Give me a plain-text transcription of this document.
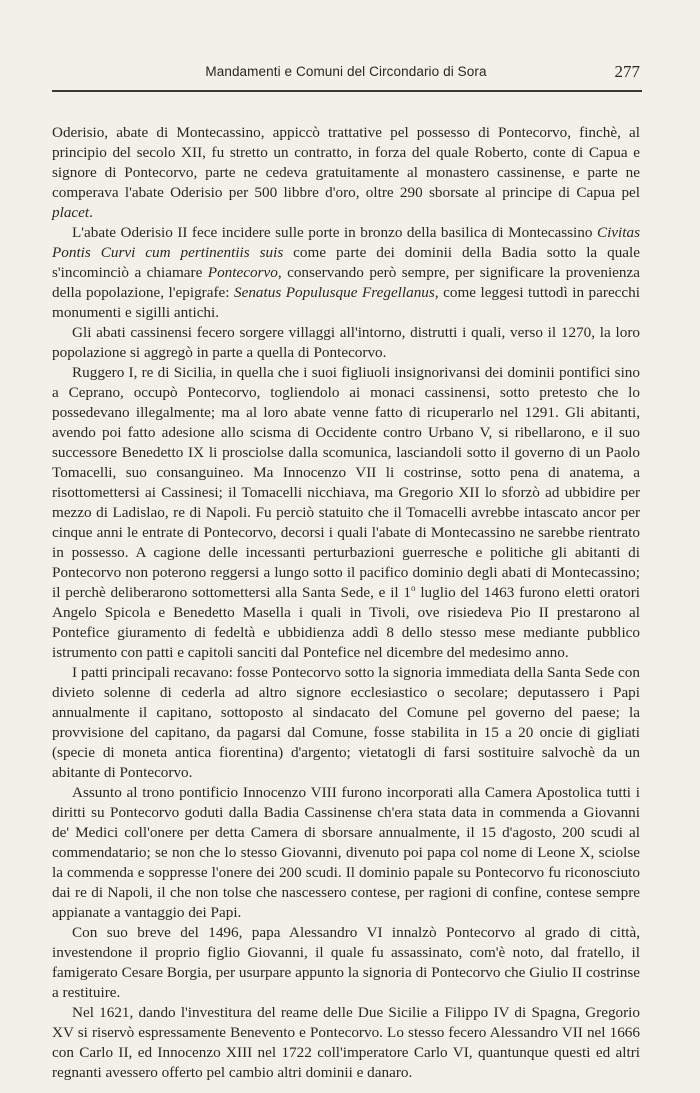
Mandamenti e Comuni del Circondario di Sora	277

Oderisio, abate di Montecassino, appiccò trattative pel possesso di Pontecorvo, finchè, al principio del secolo XII, fu stretto un contratto, in forza del quale Roberto, conte di Capua e signore di Pontecorvo, parte ne cedeva gratuitamente al monastero cassinense, e parte ne comperava l'abate Oderisio per 500 libbre d'oro, oltre 290 sborsate al principe di Capua pel placet.

L'abate Oderisio II fece incidere sulle porte in bronzo della basilica di Montecassino Civitas Pontis Curvi cum pertinentiis suis come parte dei dominii della Badia sotto la quale s'incominciò a chiamare Pontecorvo, conservando però sempre, per significare la provenienza della popolazione, l'epigrafe: Senatus Populusque Fregellanus, come leggesi tuttodì in parecchi monumenti e sigilli antichi.

Gli abati cassinensi fecero sorgere villaggi all'intorno, distrutti i quali, verso il 1270, la loro popolazione si aggregò in parte a quella di Pontecorvo.

Ruggero I, re di Sicilia, in quella che i suoi figliuoli insignorivansi dei dominii pontifici sino a Ceprano, occupò Pontecorvo, togliendolo ai monaci cassinensi, sotto pretesto che lo possedevano illegalmente; ma al loro abate venne fatto di ricuperarlo nel 1291. Gli abitanti, avendo poi fatto adesione allo scisma di Occidente contro Urbano V, si ribellarono, e il suo successore Benedetto IX li prosciolse dalla scomunica, lasciandoli sotto il governo di un Paolo Tomacelli, suo consanguineo. Ma Innocenzo VII li costrinse, sotto pena di anatema, a risottomettersi ai Cassinesi; il Tomacelli nicchiava, ma Gregorio XII lo sforzò ad ubbidire per mezzo di Ladislao, re di Napoli. Fu perciò statuito che il Tomacelli avrebbe intascato ancor per cinque anni le entrate di Pontecorvo, decorsi i quali l'abate di Montecassino ne sarebbe rientrato in possesso. A cagione delle incessanti perturbazioni guerresche e politiche gli abitanti di Pontecorvo non poterono reggersi a lungo sotto il pacifico dominio degli abati di Montecassino; il perchè deliberarono sottomettersi alla Santa Sede, e il 1$^o$ luglio del 1463 furono eletti oratori Angelo Spicola e Benedetto Masella i quali in Tivoli, ove risiedeva Pio II prestarono al Pontefice giuramento di fedeltà e ubbidienza addì 8 dello stesso mese mediante pubblico istrumento con patti e capitoli sanciti dal Pontefice nel dicembre del medesimo anno.

I patti principali recavano: fosse Pontecorvo sotto la signoria immediata della Santa Sede con divieto solenne di cederla ad altro signore ecclesiastico o secolare; deputassero i Papi annualmente il capitano, sottoposto al sindacato del Comune pel governo del paese; la provvisione del capitano, da pagarsi dal Comune, fosse stabilita in 15 a 20 oncie di gigliati (specie di moneta antica fiorentina) d'argento; vietatogli di farsi sostituire salvochè da un abitante di Pontecorvo.

Assunto al trono pontificio Innocenzo VIII furono incorporati alla Camera Apostolica tutti i diritti su Pontecorvo goduti dalla Badia Cassinense ch'era stata data in commenda a Giovanni de' Medici coll'onere per detta Camera di sborsare annualmente, il 15 d'agosto, 200 scudi al commendatario; se non che lo stesso Giovanni, divenuto poi papa col nome di Leone X, sciolse la commenda e soppresse l'onere dei 200 scudi. Il dominio papale su Pontecorvo fu riconosciuto dai re di Napoli, il che non tolse che nascessero contese, per ragioni di confine, contese sempre appianate a vantaggio dei Papi.

Con suo breve del 1496, papa Alessandro VI innalzò Pontecorvo al grado di città, investendone il proprio figlio Giovanni, il quale fu assassinato, com'è noto, dal fratello, il famigerato Cesare Borgia, per usurpare appunto la signoria di Pontecorvo che Giulio II costrinse a restituire.

Nel 1621, dando l'investitura del reame delle Due Sicilie a Filippo IV di Spagna, Gregorio XV si riservò espressamente Benevento e Pontecorvo. Lo stesso fecero Alessandro VII nel 1666 con Carlo II, ed Innocenzo XIII nel 1722 coll'imperatore Carlo VI, quantunque questi ed altri regnanti avessero offerto pel cambio altri dominii e danaro.
